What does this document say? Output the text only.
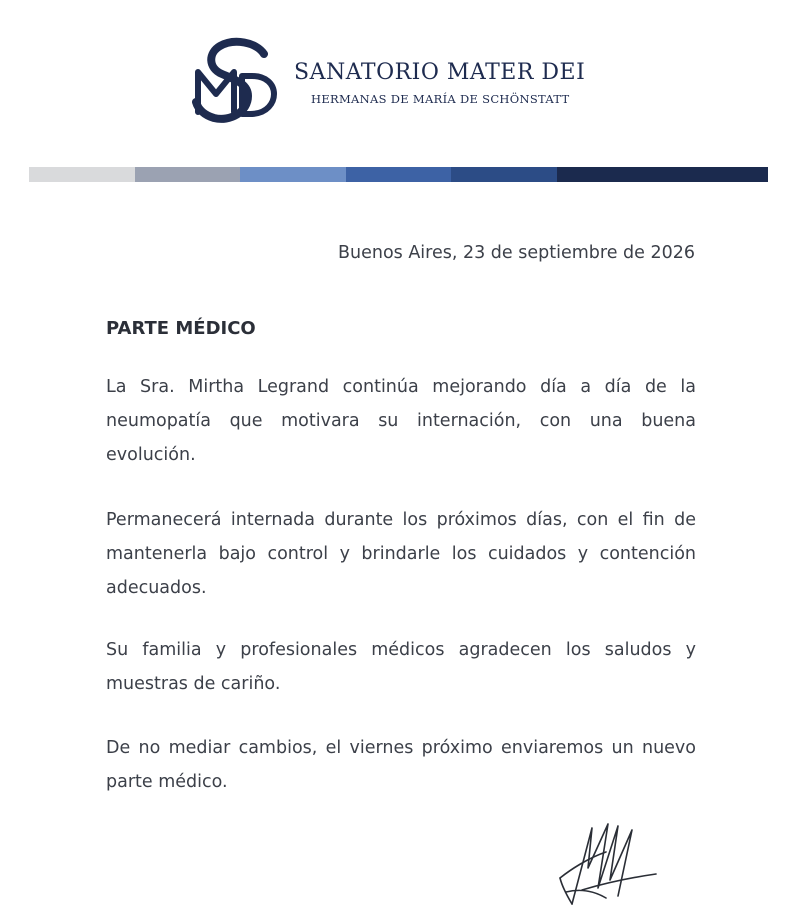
SANATORIO MATER DEI
HERMANAS DE MARÍA DE SCHÖNSTATT
Buenos Aires, 23 de septiembre de 2026
PARTE MÉDICO

La Sra. Mirtha Legrand continúa mejorando día a día de la neumopatía que motivara su internación, con una buena evolución.

Permanecerá internada durante los próximos días, con el fin de mantenerla bajo control y brindarle los cuidados y contención adecuados.

Su familia y profesionales médicos agradecen los saludos y muestras de cariño.

De no mediar cambios, el viernes próximo enviaremos un nuevo parte médico.
